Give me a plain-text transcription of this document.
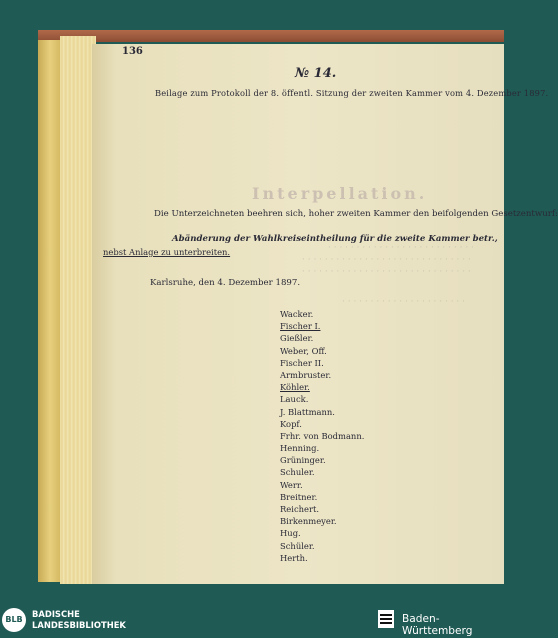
· · · · · · · · · · · · · · · · · · · · · · · · · ·
· · · · · · · · · · · · · · · · · · · · · · · · · · · · · ·
· · · · · · · · · · · · · · · · · · · · · · · · · · · · · ·
· · · · · · · · · · · · · · · · · · · · · ·
136
№ 14.
Beilage zum Protokoll der 8. öffentl. Sitzung der zweiten Kammer vom 4. Dezember 1897.
Interpellation.
Die Unterzeichneten beehren sich, hoher zweiten Kammer den beifolgenden Gesetzentwurf:
Abänderung der Wahlkreiseintheilung für die zweite Kammer betr.,
nebst Anlage zu unterbreiten.
Karlsruhe, den 4. Dezember 1897.
Wacker.
Fischer I.
Gießler.
Weber, Off.
Fischer II.
Armbruster.
Köhler.
Lauck.
J. Blattmann.
Kopf.
Frhr. von Bodmann.
Henning.
Grüninger.
Schuler.
Werr.
Breitner.
Reichert.
Birkenmeyer.
Hug.
Schüler.
Herth.
BLB
BADISCHE
LANDESBIBLIOTHEK	Baden-Württemberg
